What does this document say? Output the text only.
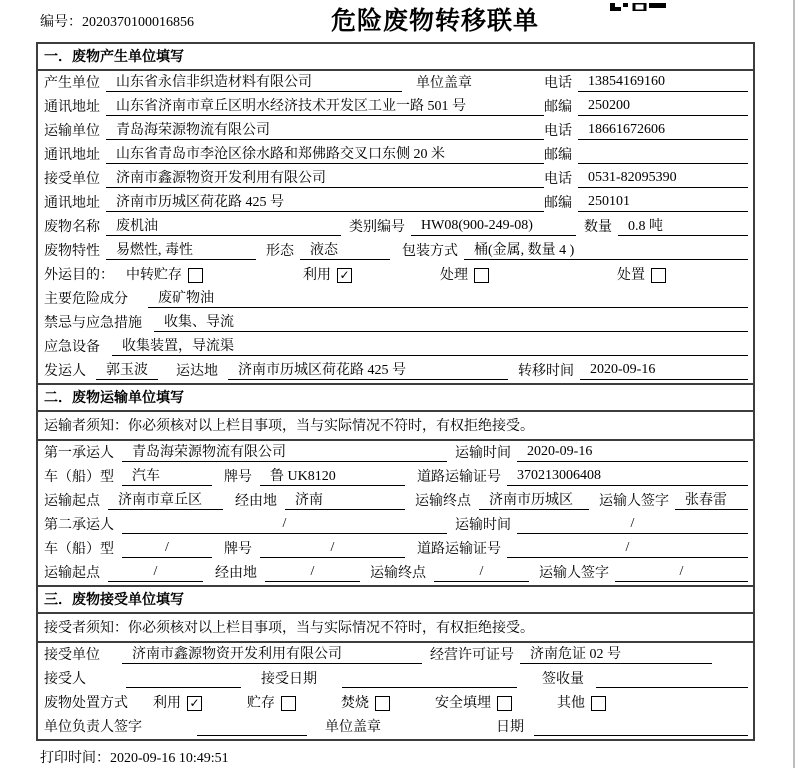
编号：2020370100016856	危险废物转移联单
一．废物产生单位填写
产生单位	山东省永信非织造材料有限公司	单位盖章	电话	13854169160
通讯地址	山东省济南市章丘区明水经济技术开发区工业一路 501 号	邮编	250200
运输单位	青岛海荣源物流有限公司	电话	18661672606
通讯地址	山东省青岛市李沧区徐水路和郑佛路交叉口东侧 20 米	邮编
接受单位	济南市鑫源物资开发利用有限公司	电话	0531-82095390
通讯地址	济南市历城区荷花路 425 号	邮编	250101
废物名称	废机油	类别编号	HW08(900-249-08)	数量	0.8 吨
废物特性	易燃性, 毒性	形态	液态	包装方式	桶(金属, 数量 4 )
外运目的： 中转贮存	利用 ✓	处理	处置
主要危险成分	废矿物油
禁忌与应急措施	收集、导流
应急设备	收集装置，导流渠
发运人	郭玉波	运达地	济南市历城区荷花路 425 号	转移时间	2020-09-16
二．废物运输单位填写
运输者须知：你必须核对以上栏目事项，当与实际情况不符时，有权拒绝接受。
第一承运人	青岛海荣源物流有限公司	运输时间	2020-09-16
车（船）型	汽车	牌号	鲁 UK8120	道路运输证号	370213006408
运输起点	济南市章丘区	经由地	济南	运输终点	济南市历城区	运输人签字	张春雷
第二承运人	/	运输时间	/
车（船）型	/	牌号	/	道路运输证号	/
运输起点	/	经由地	/	运输终点	/	运输人签字	/
三．废物接受单位填写
接受者须知：你必须核对以上栏目事项，当与实际情况不符时，有权拒绝接受。
接受单位	济南市鑫源物资开发利用有限公司	经营许可证号	济南危证 02 号
接受人	接受日期	签收量
废物处置方式 利用 ✓	贮存	焚烧	安全填埋	其他
单位负责人签字	单位盖章	日期
打印时间：2020-09-16 10:49:51
